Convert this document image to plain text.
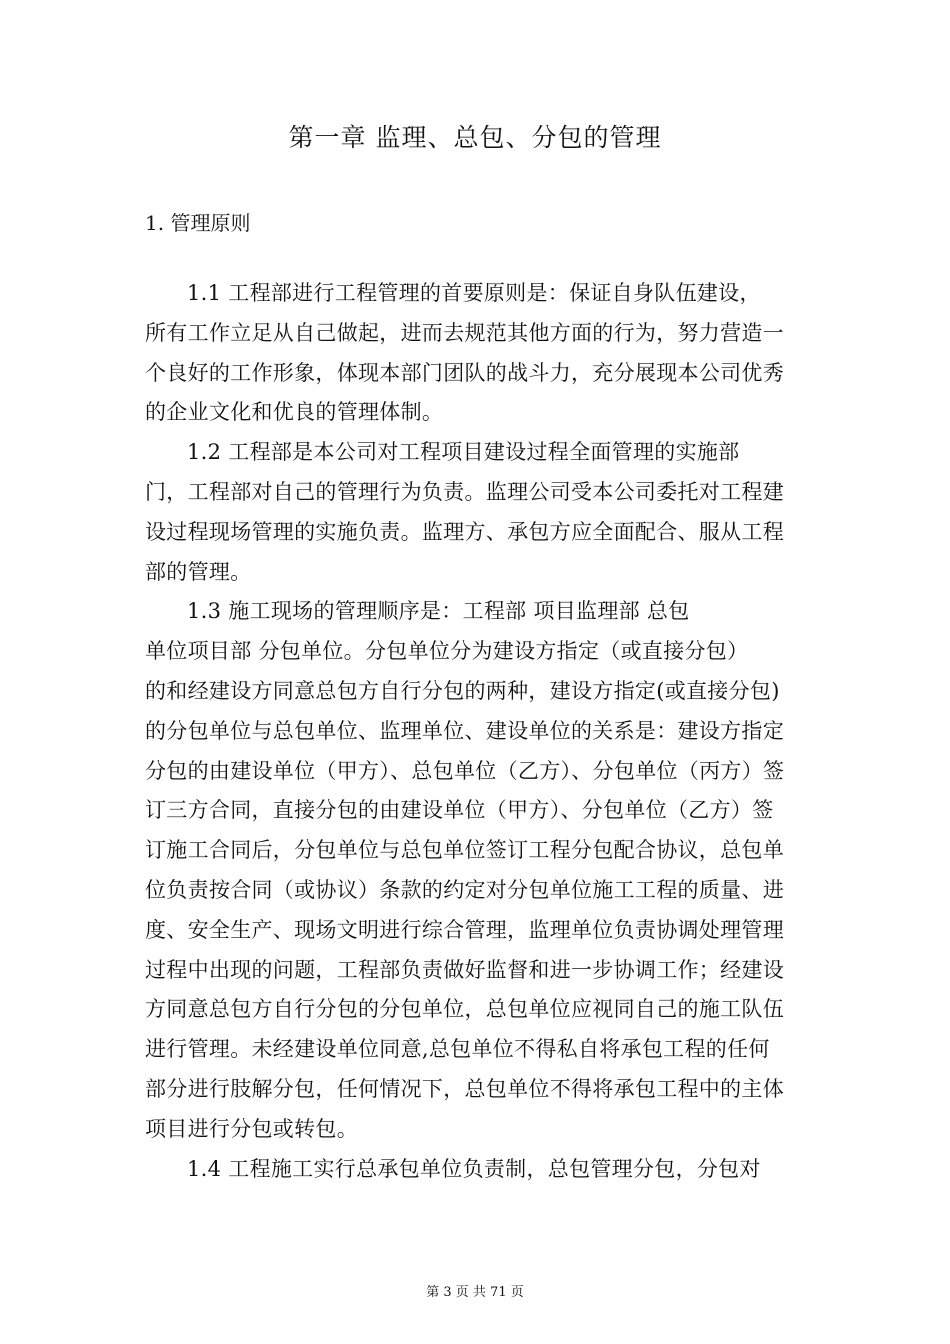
第一章 监理、总包、分包的管理
1. 管理原则
1.1 工程部进行工程管理的首要原则是：保证自身队伍建设，
所有工作立足从自己做起，进而去规范其他方面的行为，努力营造一
个良好的工作形象，体现本部门团队的战斗力，充分展现本公司优秀
的企业文化和优良的管理体制。
1.2 工程部是本公司对工程项目建设过程全面管理的实施部
门，工程部对自己的管理行为负责。监理公司受本公司委托对工程建
设过程现场管理的实施负责。监理方、承包方应全面配合、服从工程
部的管理。
1.3 施工现场的管理顺序是：工程部 项目监理部 总包
单位项目部 分包单位。分包单位分为建设方指定（或直接分包）
的和经建设方同意总包方自行分包的两种，建设方指定(或直接分包)
的分包单位与总包单位、监理单位、建设单位的关系是：建设方指定
分包的由建设单位（甲方）、总包单位（乙方）、分包单位（丙方）签
订三方合同，直接分包的由建设单位（甲方）、分包单位（乙方）签
订施工合同后，分包单位与总包单位签订工程分包配合协议，总包单
位负责按合同（或协议）条款的约定对分包单位施工工程的质量、进
度、安全生产、现场文明进行综合管理，监理单位负责协调处理管理
过程中出现的问题，工程部负责做好监督和进一步协调工作；经建设
方同意总包方自行分包的分包单位，总包单位应视同自己的施工队伍
进行管理。未经建设单位同意,总包单位不得私自将承包工程的任何
部分进行肢解分包，任何情况下，总包单位不得将承包工程中的主体
项目进行分包或转包。
1.4 工程施工实行总承包单位负责制，总包管理分包，分包对
第 3 页 共 71 页
